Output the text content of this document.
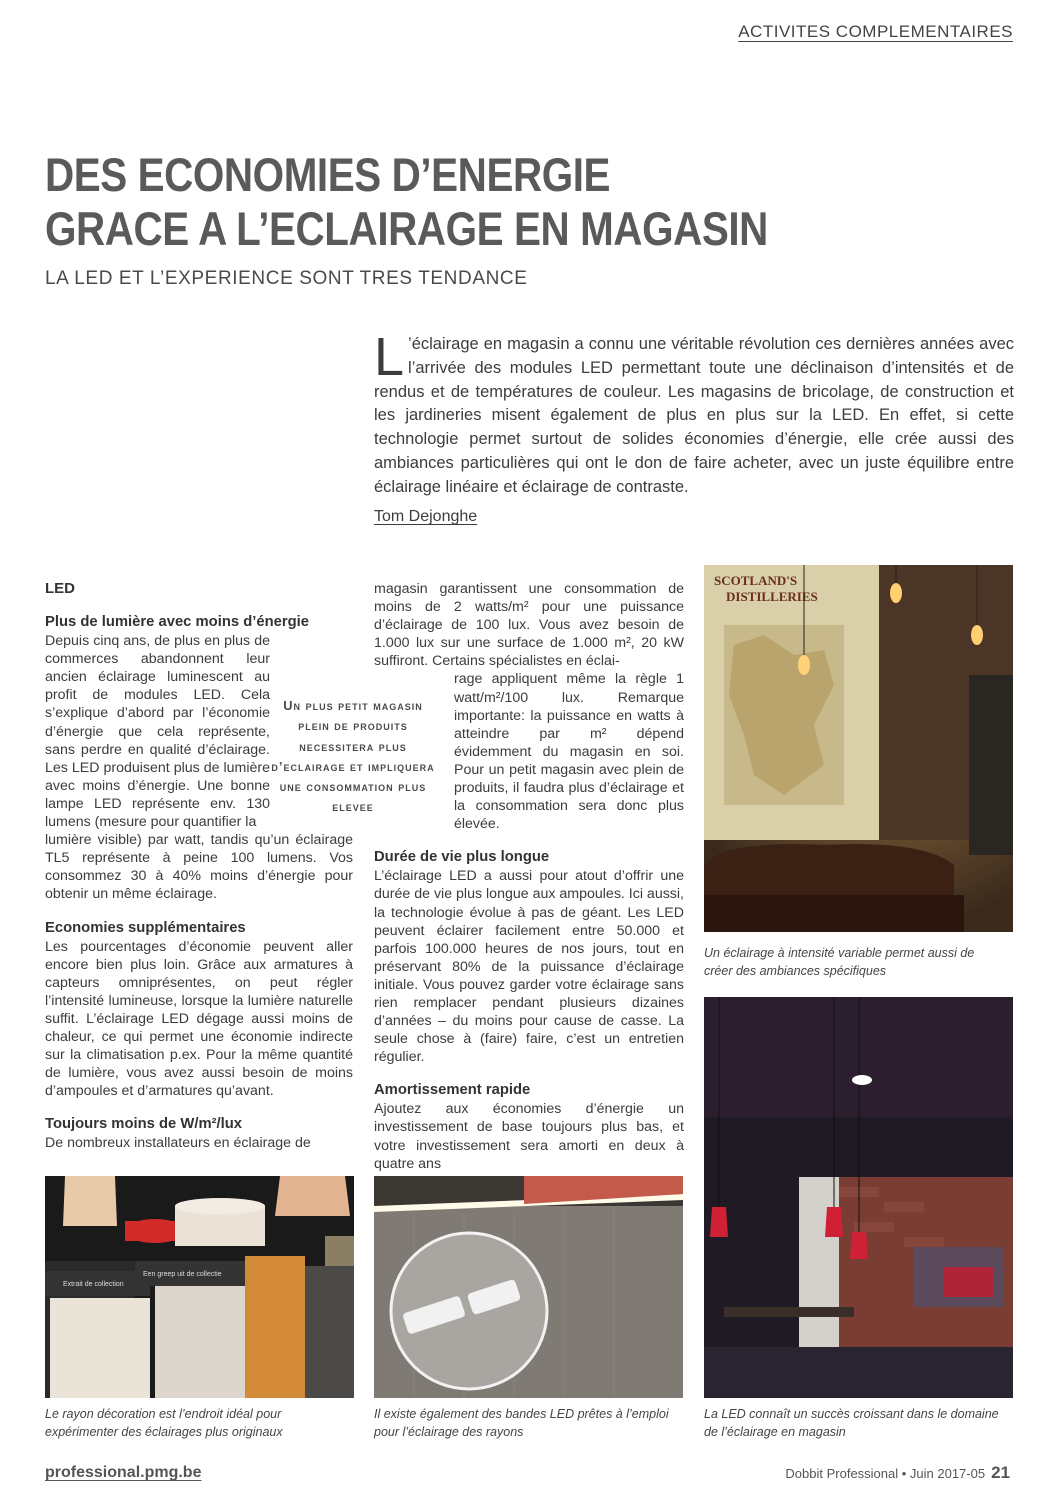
ACTIVITES COMPLEMENTAIRES
DES ECONOMIES D’ENERGIE
GRACE A L’ECLAIRAGE EN MAGASIN
LA LED ET L’EXPERIENCE SONT TRES TENDANCE
L ’éclairage en magasin a connu une véritable révolution ces dernières années avec l’arrivée des modules LED permettant toute une déclinaison d’intensités et de rendus et de températures de couleur. Les magasins de bricolage, de construction et les jardineries misent également de plus en plus sur la LED. En effet, si cette technologie permet surtout de solides économies d’énergie, elle crée aussi des ambiances particulières qui ont le don de faire acheter, avec un juste équilibre entre éclairage linéaire et éclairage de contraste.
Tom Dejonghe
LED
Plus de lumière avec moins d’énergie

Depuis cinq ans, de plus en plus de commerces abandonnent leur ancien éclairage luminescent au profit de modules LED. Cela s’explique d’abord par l’économie d’énergie que cela représente, sans perdre en qualité d’éclairage. Les LED produisent plus de lumière avec moins d’énergie. Une bonne lampe LED représente env. 130 lumens (mesure pour quantifier la

lumière visible) par watt, tandis qu’un éclairage TL5 représente à peine 100 lumens. Vos consommez 30 à 40% moins d’énergie pour obtenir un même éclairage.

Economies supplémentaires

Les pourcentages d’économie peuvent aller encore bien plus loin. Grâce aux armatures à capteurs omniprésentes, on peut régler l’intensité lumineuse, lorsque la lumière naturelle suffit. L’éclairage LED dégage aussi moins de chaleur, ce qui permet une économie indirecte sur la climatisation p.ex. Pour la même quantité de lumière, vous avez aussi besoin de moins d’ampoules et d’armatures qu’avant.

Toujours moins de W/m²/lux

De nombreux installateurs en éclairage de

Un plus petit magasin plein de produits necessitera plus d’eclairage et impliquera une consommation plus elevee

magasin garantissent une consommation de moins de 2 watts/m² pour une puissance d’éclairage de 100 lux. Vous avez besoin de 1.000 lux sur une surface de 1.000 m², 20 kW suffiront. Certains spécialistes en éclai-

rage appliquent même la règle 1 watt/m²/100 lux. Remarque importante: la puissance en watts à atteindre par m² dépend évidemment du magasin en soi. Pour un petit magasin avec plein de produits, il faudra plus d’éclairage et la consommation sera donc plus élevée.

Durée de vie plus longue

L’éclairage LED a aussi pour atout d’offrir une durée de vie plus longue aux ampoules. Ici aussi, la technologie évolue à pas de géant. Les LED peuvent éclairer facilement entre 50.000 et parfois 100.000 heures de nos jours, tout en préservant 80% de la puissance d’éclairage initiale. Vous pouvez garder votre éclairage sans rien remplacer pendant plusieurs dizaines d’années – du moins pour cause de casse. La seule chose à (faire) faire, c’est un entretien régulier.

Amortissement rapide

Ajoutez aux économies d’énergie un investissement de base toujours plus bas, et votre investissement sera amorti en deux à quatre ans

SCOTLAND'S
DISTILLERIES
Un éclairage à intensité variable permet aussi de créer des ambiances spécifiques
La LED connaît un succès croissant dans le domaine de l’éclairage en magasin
Extrait de collection
Een greep uit de collectie
Le rayon décoration est l’endroit idéal pour expérimenter des éclairages plus originaux
Il existe également des bandes LED prêtes à l’emploi pour l’éclairage des rayons
professional.pmg.be	Dobbit Professional • Juin 2017-05 21
